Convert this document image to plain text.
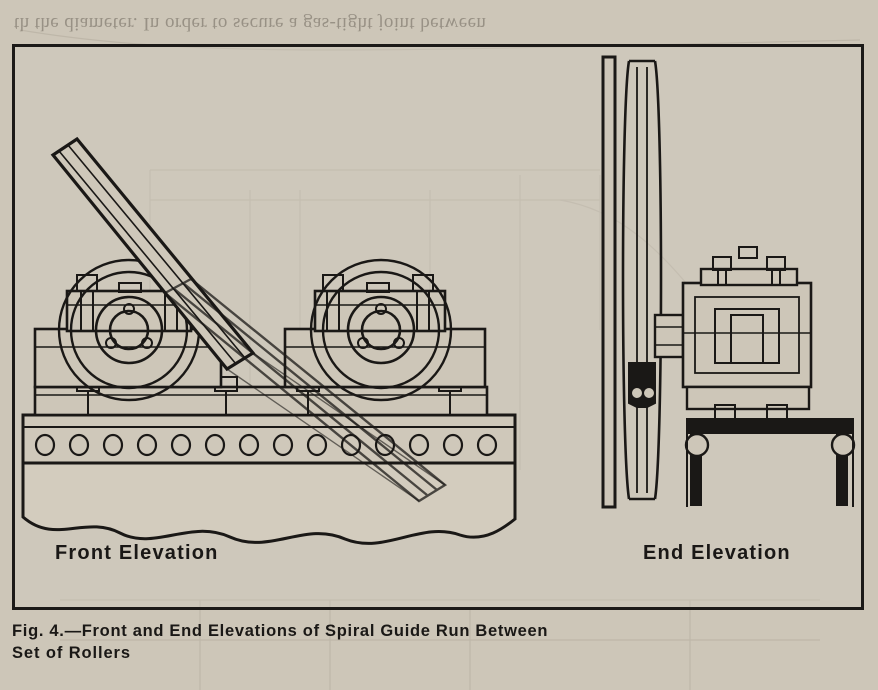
th the diameter. In order to secure a gas-tight joint between
Front Elevation	End Elevation
Fig. 4.—Front and End Elevations of Spiral Guide Run Between
Set of Rollers
